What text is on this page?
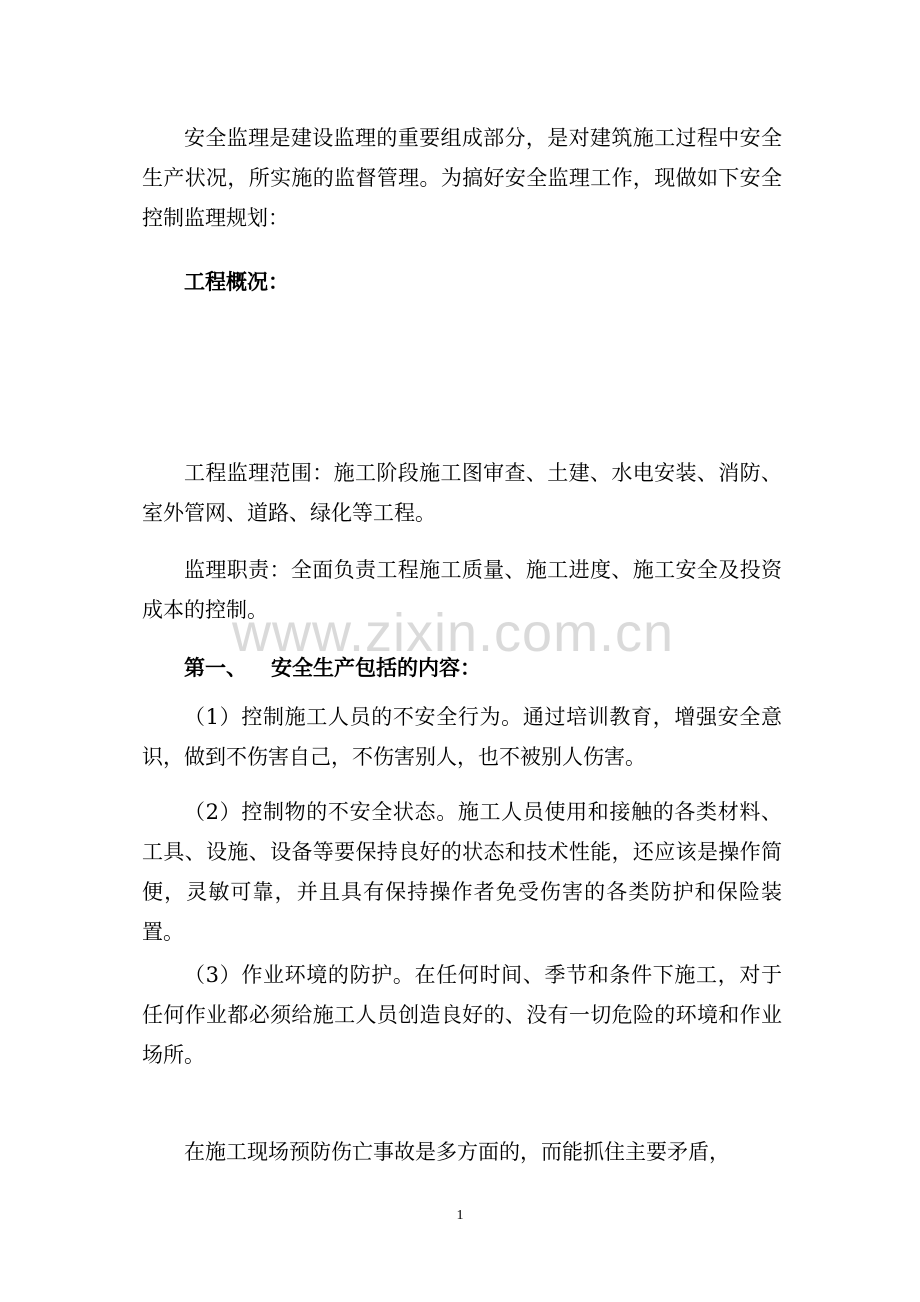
安全监理是建设监理的重要组成部分，是对建筑施工过程中安全生产状况，所实施的监督管理。为搞好安全监理工作，现做如下安全控制监理规划：

工程概况：

工程监理范围：施工阶段施工图审查、土建、水电安装、消防、室外管网、道路、绿化等工程。

监理职责：全面负责工程施工质量、施工进度、施工安全及投资成本的控制。

第一、 安全生产包括的内容：

（1）控制施工人员的不安全行为。通过培训教育，增强安全意识，做到不伤害自己，不伤害别人，也不被别人伤害。

（2）控制物的不安全状态。施工人员使用和接触的各类材料、工具、设施、设备等要保持良好的状态和技术性能，还应该是操作简便，灵敏可靠，并且具有保持操作者免受伤害的各类防护和保险装置。

（3）作业环境的防护。在任何时间、季节和条件下施工，对于任何作业都必须给施工人员创造良好的、没有一切危险的环境和作业场所。

在施工现场预防伤亡事故是多方面的，而能抓住主要矛盾，

www.zixin.com.cn
1
